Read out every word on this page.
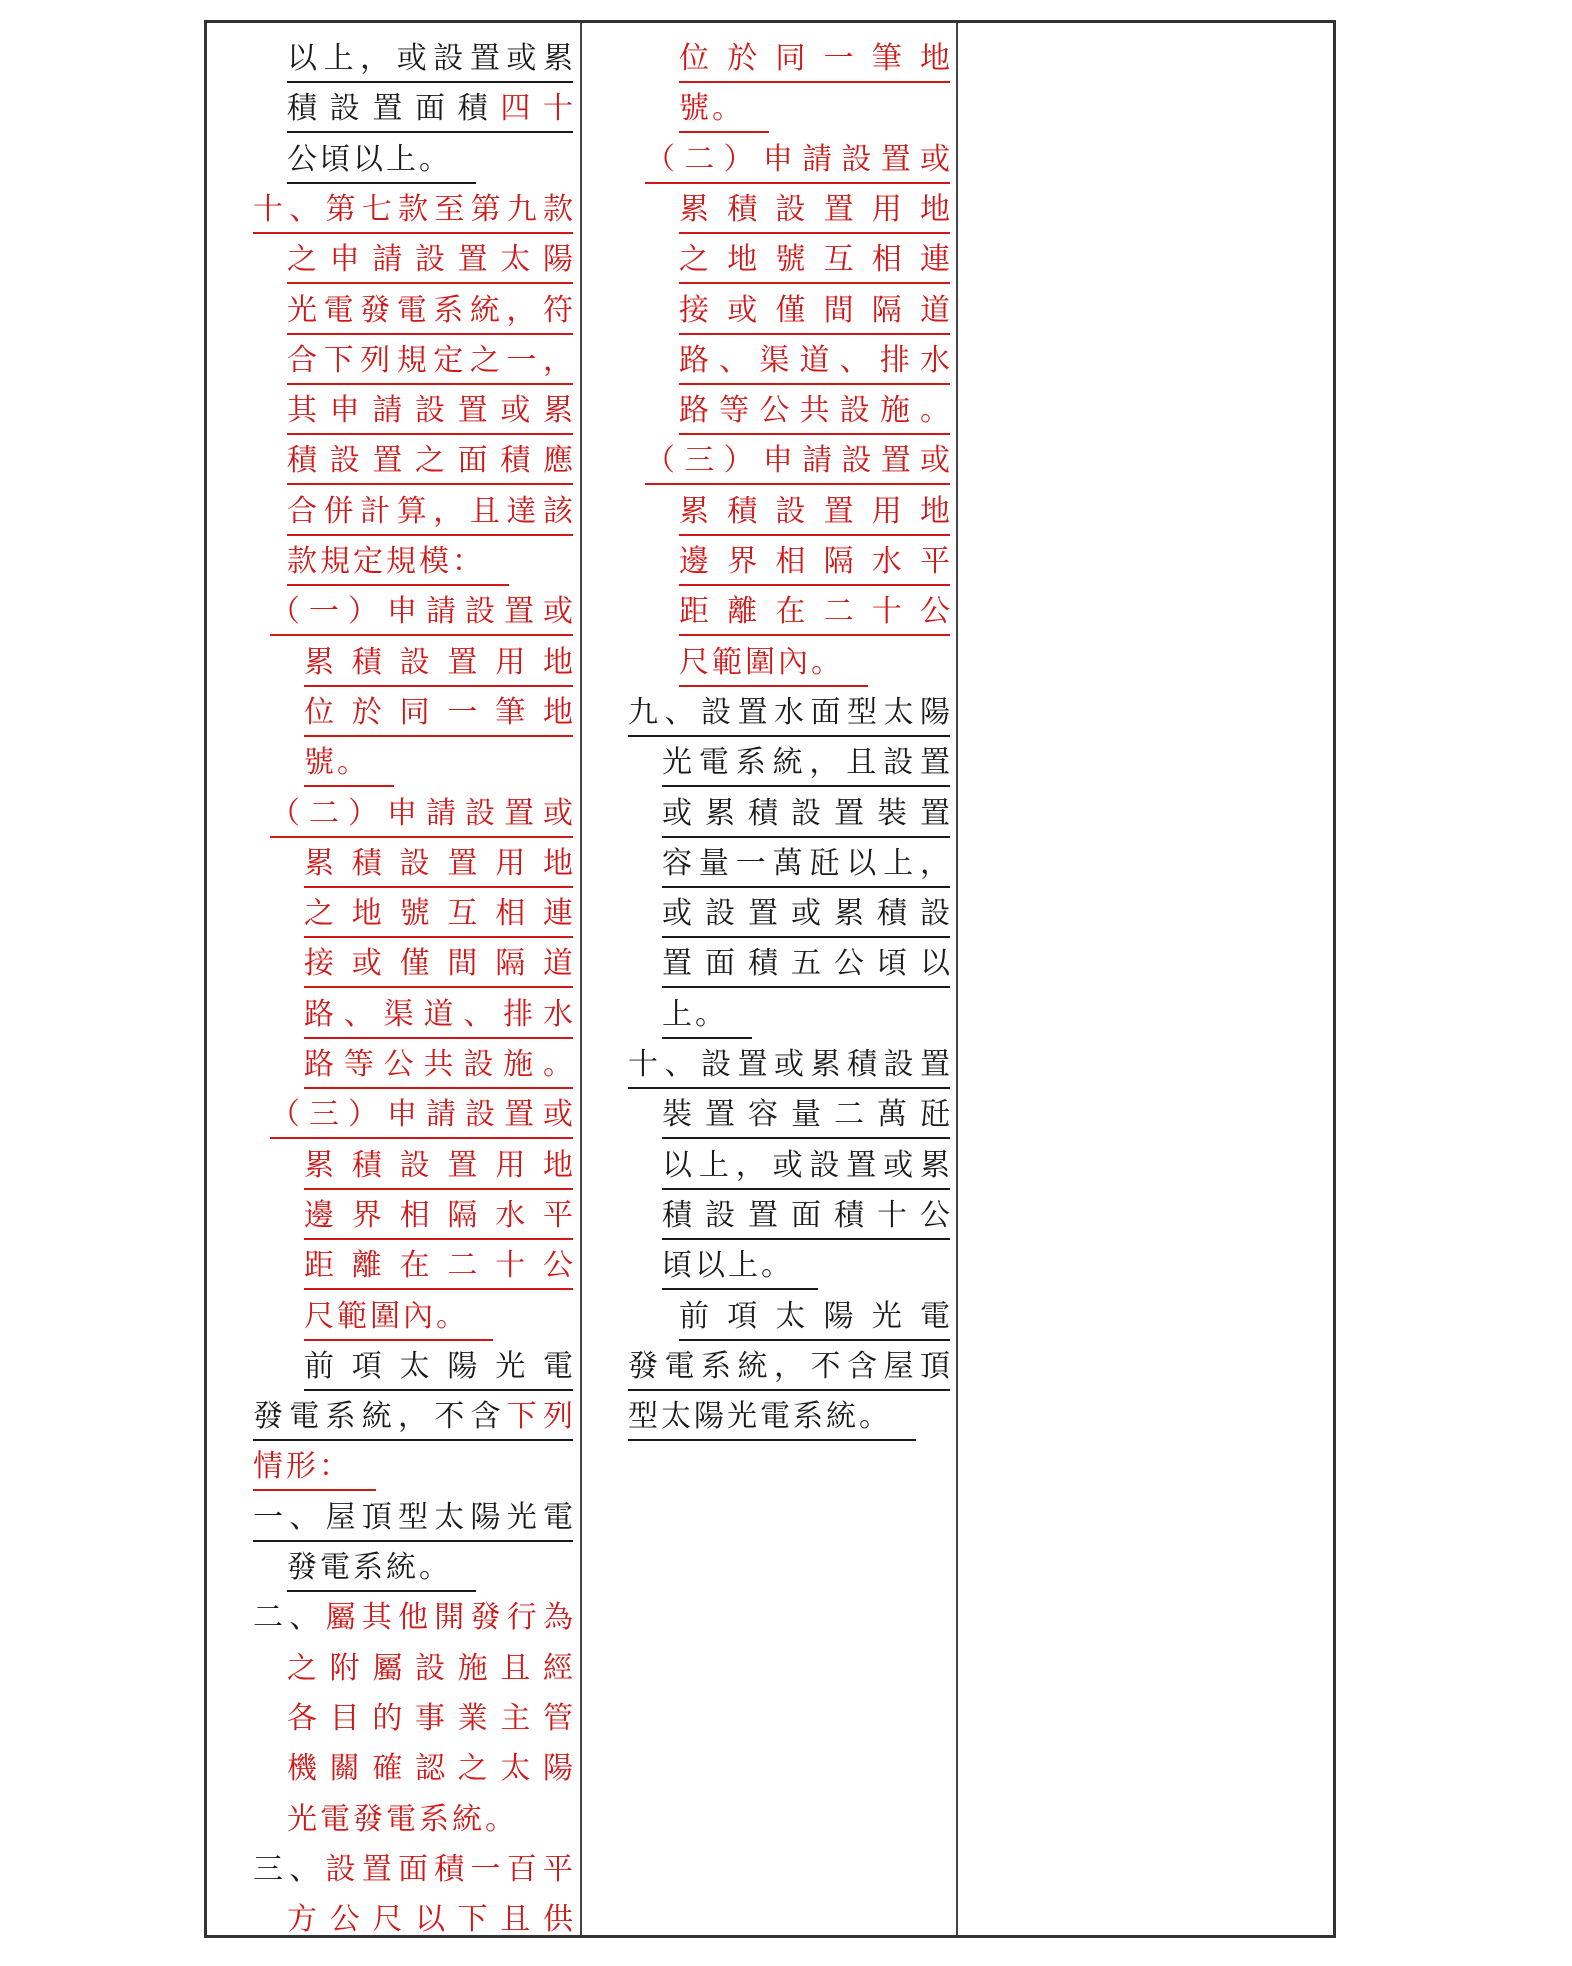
以上，或設置或累
積設置面積四十
公頃以上。
十、第七款至第九款
之申請設置太陽
光電發電系統，符
合下列規定之一，
其申請設置或累
積設置之面積應
合併計算，且達該
款規定規模：
（一）申請設置或
累積設置用地
位於同一筆地
號。
（二）申請設置或
累積設置用地
之地號互相連
接或僅間隔道
路、渠道、排水
路等公共設施。
（三）申請設置或
累積設置用地
邊界相隔水平
距離在二十公
尺範圍內。
前項太陽光電
發電系統，不含下列
情形：
一、屋頂型太陽光電
發電系統。
二、屬其他開發行為
之附屬設施且經
各目的事業主管
機關確認之太陽
光電發電系統。
三、設置面積一百平
方公尺以下且供
位於同一筆地
號。
（二）申請設置或
累積設置用地
之地號互相連
接或僅間隔道
路、渠道、排水
路等公共設施。
（三）申請設置或
累積設置用地
邊界相隔水平
距離在二十公
尺範圍內。
九、設置水面型太陽
光電系統，且設置
或累積設置裝置
容量一萬瓩以上，
或設置或累積設
置面積五公頃以
上。
十、設置或累積設置
裝置容量二萬瓩
以上，或設置或累
積設置面積十公
頃以上。
前項太陽光電
發電系統，不含屋頂
型太陽光電系統。
